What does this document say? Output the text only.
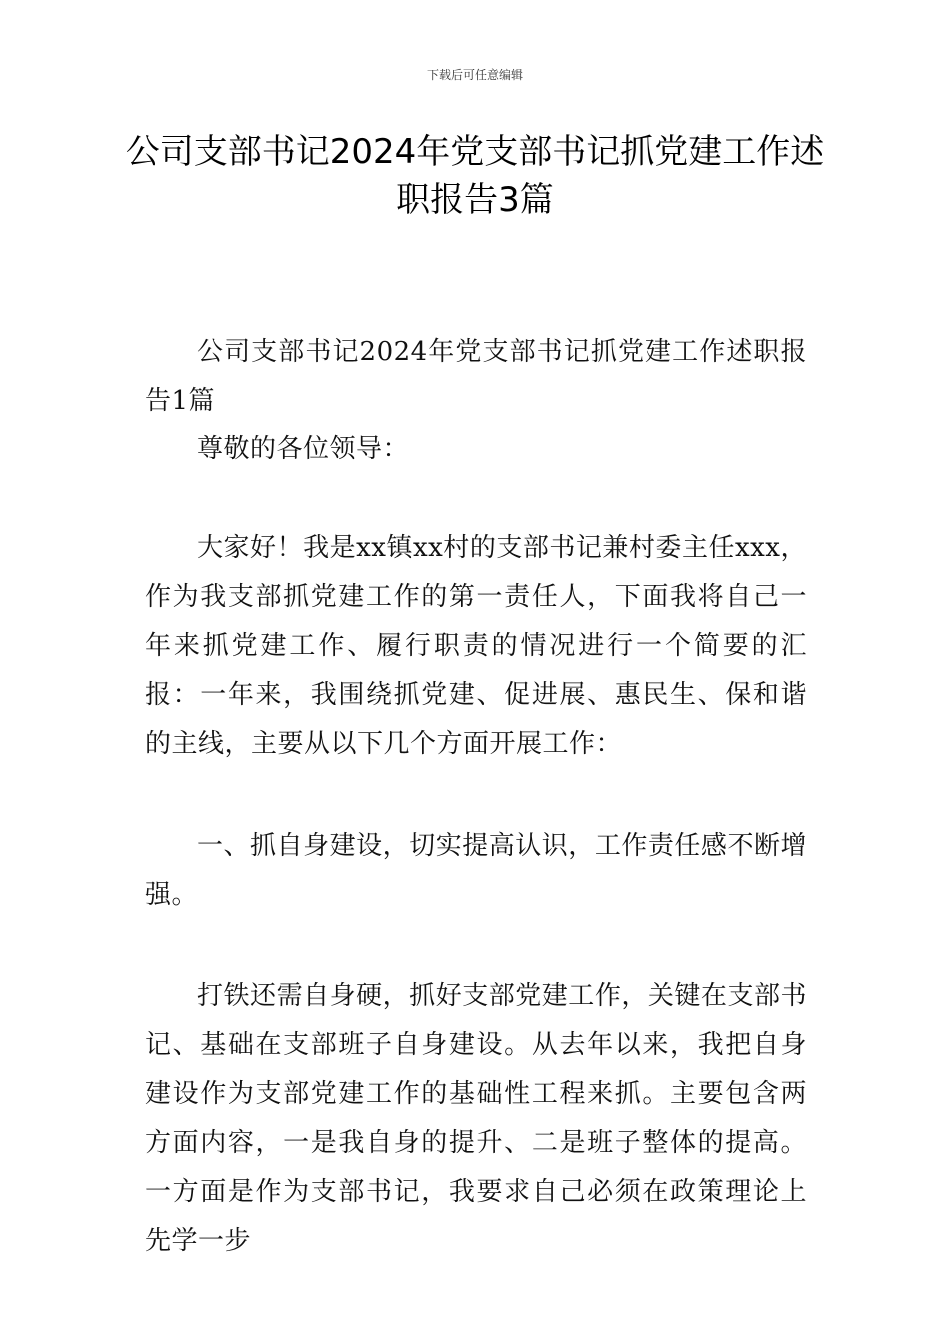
下载后可任意编辑
公司支部书记2024年党支部书记抓党建工作述职报告3篇

公司支部书记2024年党支部书记抓党建工作述职报告1篇

尊敬的各位领导：

大家好！我是xx镇xx村的支部书记兼村委主任xxx，作为我支部抓党建工作的第一责任人，下面我将自己一年来抓党建工作、履行职责的情况进行一个简要的汇报：一年来，我围绕抓党建、促进展、惠民生、保和谐的主线，主要从以下几个方面开展工作：

一、抓自身建设，切实提高认识，工作责任感不断增强。

打铁还需自身硬，抓好支部党建工作，关键在支部书记、基础在支部班子自身建设。从去年以来，我把自身建设作为支部党建工作的基础性工程来抓。主要包含两方面内容，一是我自身的提升、二是班子整体的提高。一方面是作为支部书记，我要求自己必须在政策理论上先学一步
